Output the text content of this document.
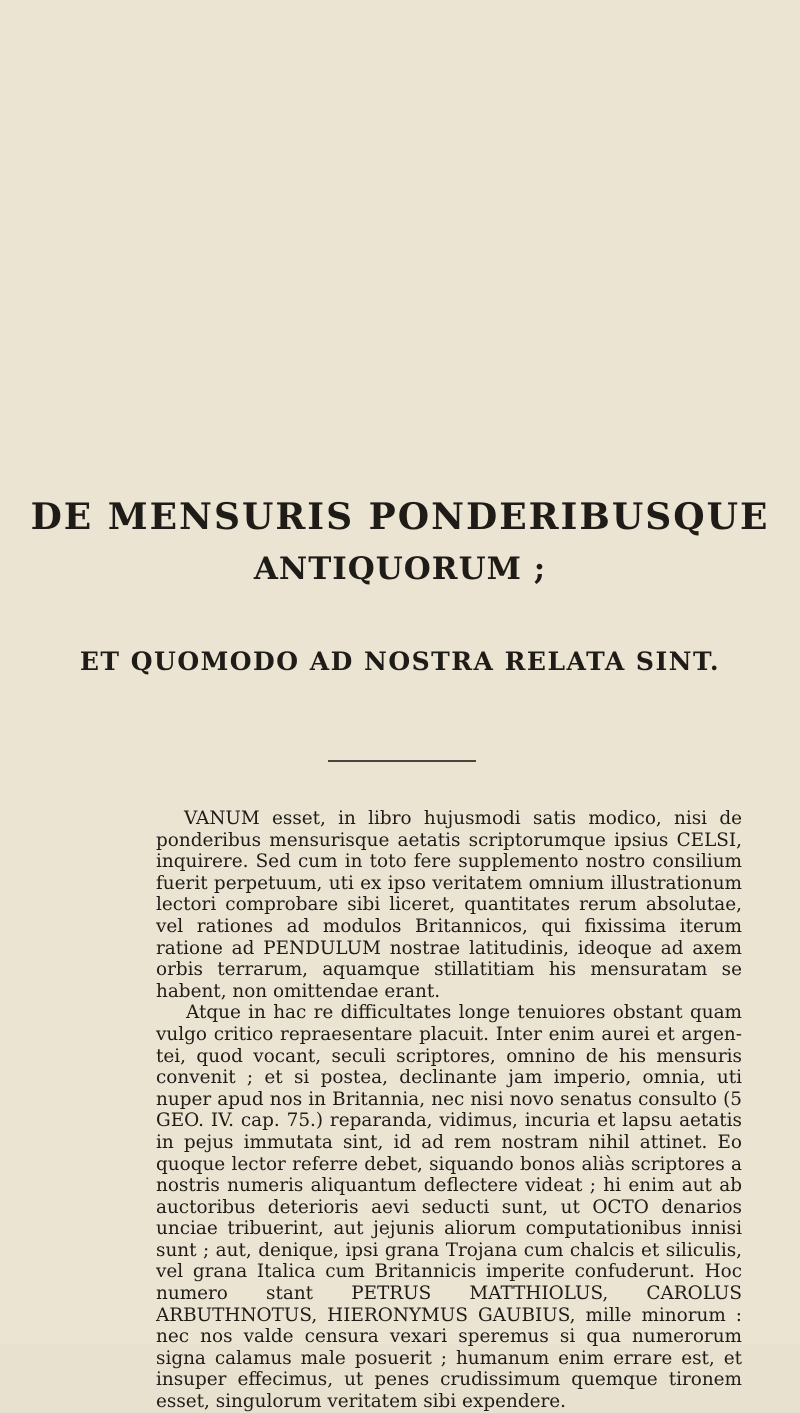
DE MENSURIS PONDERIBUSQUE
ANTIQUORUM ;
ET QUOMODO AD NOSTRA RELATA SINT.

VANUM esset, in libro hujusmodi satis modico, nisi de ponderibus mensurisque aetatis scriptorumque ipsius CELSI, inquirere. Sed cum in toto fere supplemento nostro consilium fuerit perpetuum, uti ex ipso veritatem omnium illustrationum lectori comprobare sibi liceret, quantitates rerum absolutae, vel rationes ad modulos Britannicos, qui fixissima iterum ratione ad PENDULUM nostrae latitudinis, ideoque ad axem orbis terrarum, aquamque stillatitiam his mensuratam se habent, non omittendae erant.

Atque in hac re difficultates longe tenuiores obstant quam vulgo critico repraesentare placuit. Inter enim aurei et argentei, quod vocant, seculi scriptores, omnino de his mensuris convenit ; et si postea, declinante jam imperio, omnia, uti nuper apud nos in Britannia, nec nisi novo senatus consulto (5 GEO. IV. cap. 75.) reparanda, vidimus, incuria et lapsu aetatis in pejus immutata sint, id ad rem nostram nihil attinet. Eo quoque lector referre debet, siquando bonos aliàs scriptores a nostris numeris aliquantum deflectere videat ; hi enim aut ab auctoribus deterioris aevi seducti sunt, ut OCTO denarios unciae tribuerint, aut jejunis aliorum computationibus innisi sunt ; aut, denique, ipsi grana Trojana cum chalcis et siliculis, vel grana Italica cum Britannicis imperite confuderunt. Hoc numero stant PETRUS MATTHIOLUS, CAROLUS ARBUTHNOTUS, HIERONYMUS GAUBIUS, mille minorum : nec nos valde censura vexari speremus si qua numerorum signa calamus male posuerit ; humanum enim errare est, et insuper effecimus, ut penes crudissimum quemque tironem esset, singulorum veritatem sibi expendere.
